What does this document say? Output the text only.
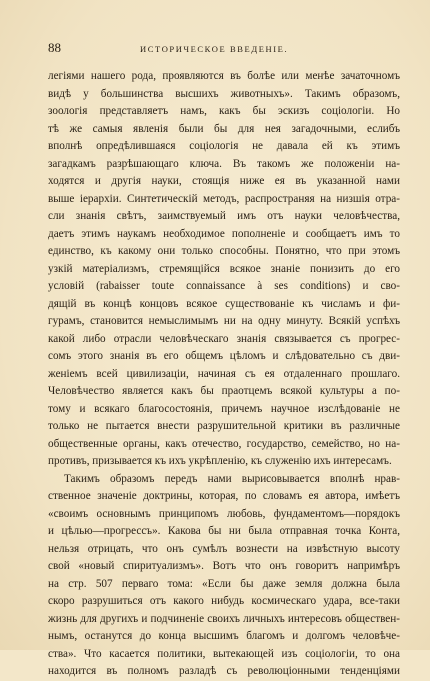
88	ИСТОРИЧЕСКОЕ ВВЕДЕНІЕ.
легіями нашего рода, проявляются въ болѣе или менѣе зачаточномъ
видѣ у большинства высшихъ животныхъ». Такимъ образомъ,
зоологія представляетъ намъ, какъ бы эскизъ соціологіи. Но
тѣ же самыя явленія были бы для нея загадочными, еслибъ
вполнѣ опредѣлившаяся соціологія не давала ей къ этимъ
загадкамъ разрѣшающаго ключа. Въ такомъ же положеніи на-
ходятся и другія науки, стоящія ниже ея въ указанной нами
выше іерархіи. Синтетическій методъ, распространяя на низшія отра-
сли знанія свѣтъ, заимствуемый имъ отъ науки человѣчества,
даетъ этимъ наукамъ необходимое пополненіе и сообщаетъ имъ то
единство, къ какому они только способны. Понятно, что при этомъ
узкій матеріализмъ, стремящійся всякое знаніе понизить до его
условій (rabaisser toute connaissance à ses conditions) и сво-
дящій въ концѣ концовъ всякое существованіе къ числамъ и фи-
гурамъ, становится немыслимымъ ни на одну минуту. Всякій успѣхъ
какой либо отрасли человѣческаго знанія связывается съ прогрес-
сомъ этого знанія въ его общемъ цѣломъ и слѣдовательно съ дви-
женіемъ всей цивилизаціи, начиная съ ея отдаленнаго прошлаго.
Человѣчество является какъ бы праотцемъ всякой культуры а по-
тому и всякаго благосостоянія, причемъ научное изслѣдованіе не
только не пытается внести разрушительной критики въ различные
общественные органы, какъ отечество, государство, семейство, но на-
противъ, призывается къ ихъ укрѣпленію, къ служенію ихъ интересамъ.
Такимъ образомъ передъ нами вырисовывается вполнѣ нрав-
ственное значеніе доктрины, которая, по словамъ ея автора, имѣетъ
«своимъ основнымъ принципомъ любовь, фундаментомъ—порядокъ
и цѣлью—прогрессъ». Какова бы ни была отправная точка Конта,
нельзя отрицать, что онъ сумѣлъ вознести на извѣстную высоту
свой «новый спиритуализмъ». Вотъ что онъ говоритъ напримѣръ
на стр. 507 перваго тома: «Если бы даже земля должна была
скоро разрушиться отъ какого нибудь космическаго удара, все-таки
жизнь для другихъ и подчиненіе своихъ личныхъ интересовъ обществен-
нымъ, останутся до конца высшимъ благомъ и долгомъ человѣче-
ства». Что касается политики, вытекающей изъ соціологіи, то она
находится въ полномъ разладѣ съ революціонными тенденціями
